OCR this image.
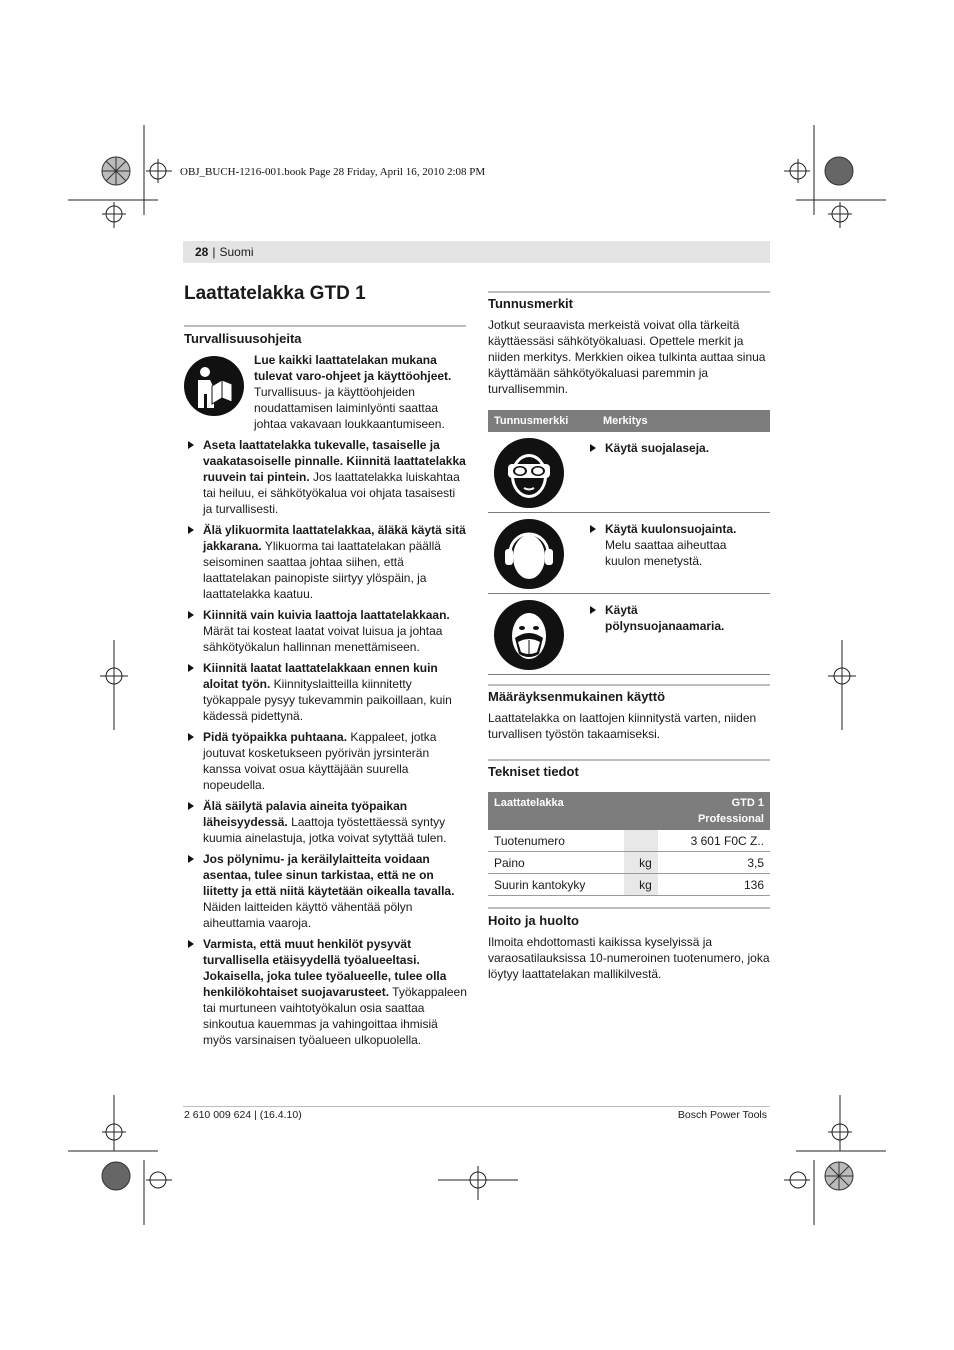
OBJ_BUCH-1216-001.book Page 28 Friday, April 16, 2010 2:08 PM
28 | Suomi
Laattatelakka GTD 1
Turvallisuusohjeita
Lue kaikki laattatelakan mukana tulevat varo-ohjeet ja käyttöohjeet. Turvallisuus- ja käyttöohjeiden noudattamisen laiminlyönti saattaa johtaa vakavaan loukkaantumiseen.
Aseta laattatelakka tukevalle, tasaiselle ja vaakatasoiselle pinnalle. Kiinnitä laattatelakka ruuvein tai pintein. Jos laattatelakka luiskahtaa tai heiluu, ei sähkötyökalua voi ohjata tasaisesti ja turvallisesti.
Älä ylikuormita laattatelakkaa, äläkä käytä sitä jakkarana. Ylikuorma tai laattatelakan päällä seisominen saattaa johtaa siihen, että laattatelakan painopiste siirtyy ylöspäin, ja laattatelakka kaatuu.
Kiinnitä vain kuivia laattoja laattatelakkaan. Märät tai kosteat laatat voivat luisua ja johtaa sähkötyökalun hallinnan menettämiseen.
Kiinnitä laatat laattatelakkaan ennen kuin aloitat työn. Kiinnityslaitteilla kiinnitetty työkappale pysyy tukevammin paikoillaan, kuin kädessä pidettynä.
Pidä työpaikka puhtaana. Kappaleet, jotka joutuvat kosketukseen pyörivän jyrsinterän kanssa voivat osua käyttäjään suurella nopeudella.
Älä säilytä palavia aineita työpaikan läheisyydessä. Laattoja työstettäessä syntyy kuumia ainelastuja, jotka voivat sytyttää tulen.
Jos pölynimu- ja keräilylaitteita voidaan asentaa, tulee sinun tarkistaa, että ne on liitetty ja että niitä käytetään oikealla tavalla. Näiden laitteiden käyttö vähentää pölyn aiheuttamia vaaroja.
Varmista, että muut henkilöt pysyvät turvallisella etäisyydellä työalueeltasi. Jokaisella, joka tulee työalueelle, tulee olla henkilökohtaiset suojavarusteet. Työkappaleen tai murtuneen vaihtotyökalun osia saattaa sinkoutua kauemmas ja vahingoittaa ihmisiä myös varsinaisen työalueen ulkopuolella.
Tunnusmerkit
Jotkut seuraavista merkeistä voivat olla tärkeitä käyttäessäsi sähkötyökaluasi. Opettele merkit ja niiden merkitys. Merkkien oikea tulkinta auttaa sinua käyttämään sähkötyökaluasi paremmin ja turvallisemmin.
Tunnusmerkki	Merkitys
Käytä suojalaseja.
Käytä kuulonsuojainta. Melu saattaa aiheuttaa kuulon menetystä.
Käytä pölynsuojanaamaria.
Määräyksenmukainen käyttö
Laattatelakka on laattojen kiinnitystä varten, niiden turvallisen työstön takaamiseksi.
Tekniset tiedot
Laattatelakka		GTD 1
Professional
Tuotenumero		3 601 F0C Z..
Paino	kg	3,5
Suurin kantokyky	kg	136
Hoito ja huolto
Ilmoita ehdottomasti kaikissa kyselyissä ja varaosatilauksissa 10-numeroinen tuotenumero, joka löytyy laattatelakan mallikilvestä.
2 610 009 624 | (16.4.10)	Bosch Power Tools
